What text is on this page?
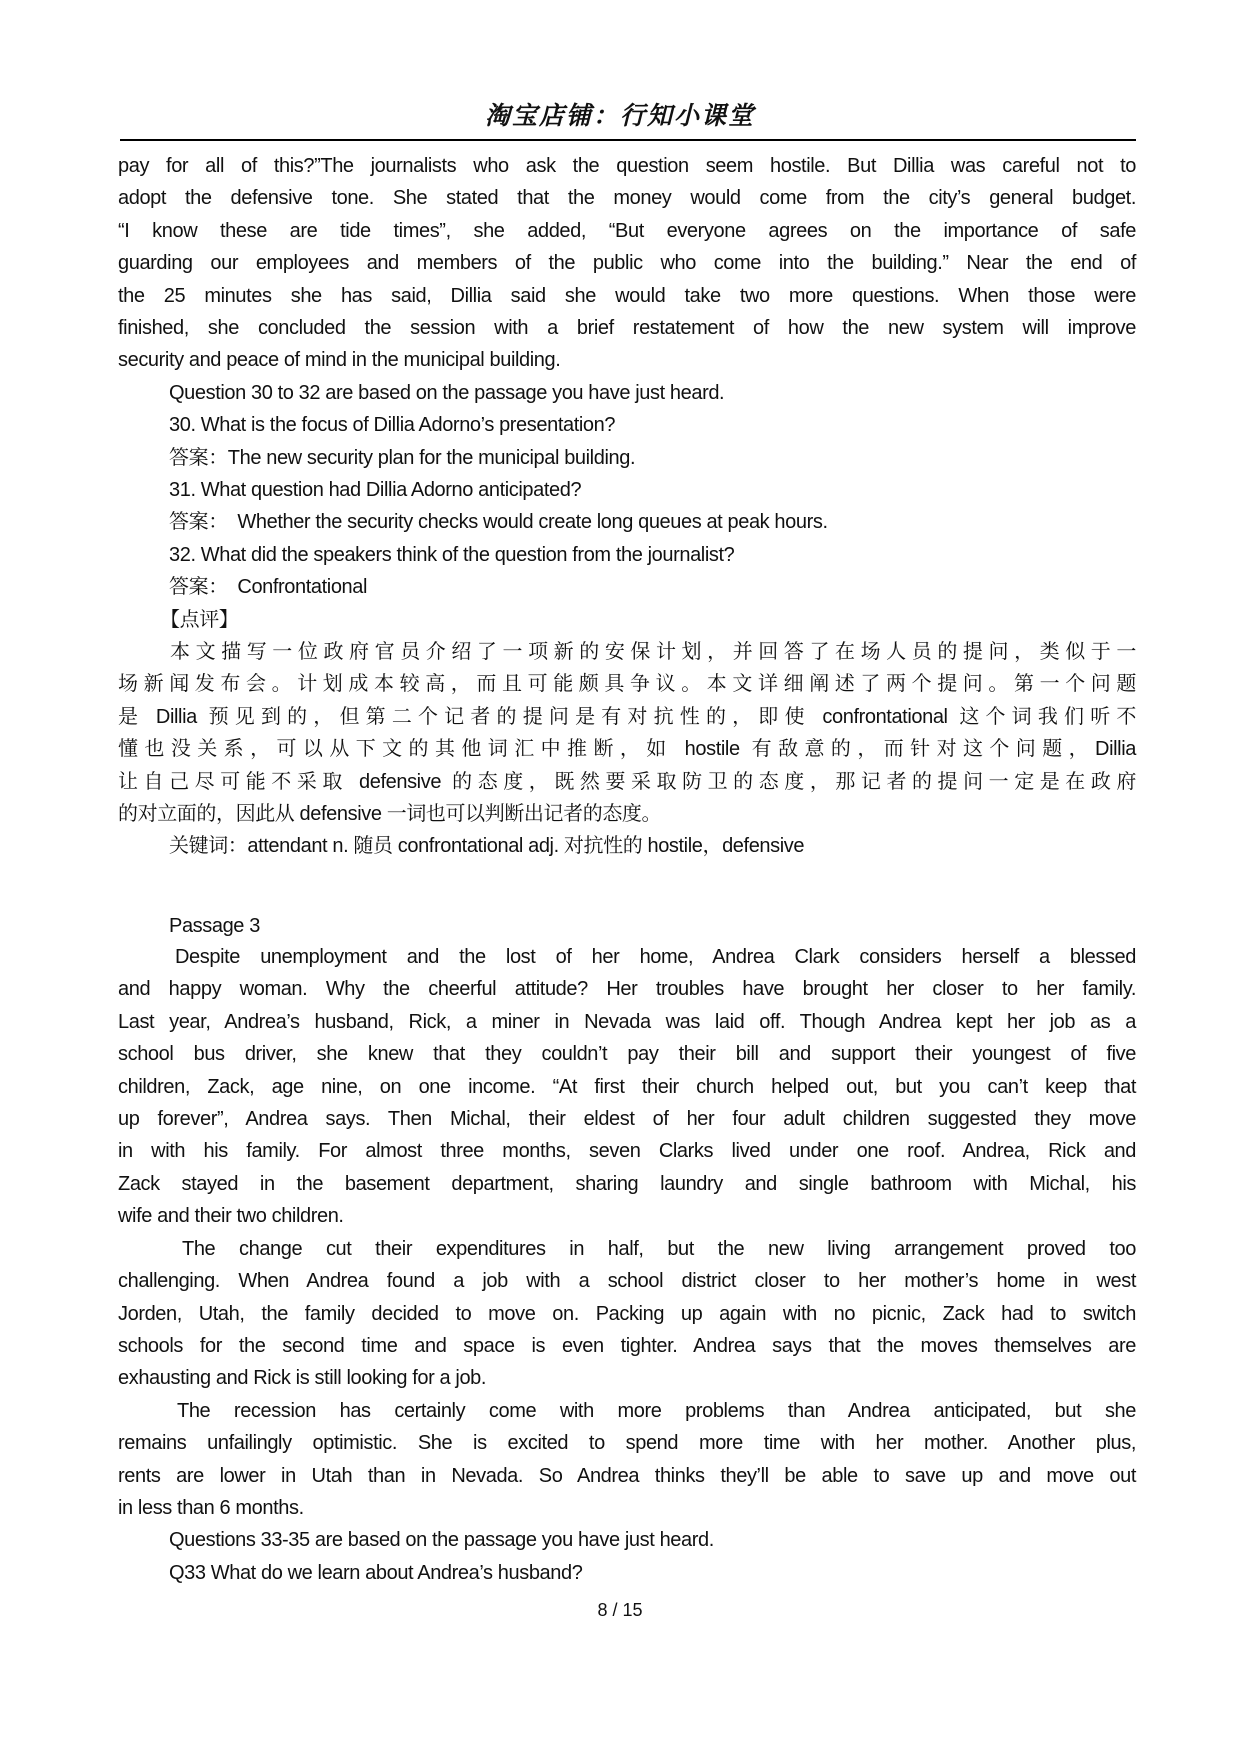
淘宝店铺：行知小课堂
pay for all of this?”The journalists who ask the question seem hostile. But Dillia was careful not to
adopt the defensive tone. She stated that the money would come from the city’s general budget.
“I know these are tide times”, she added, “But everyone agrees on the importance of safe
guarding our employees and members of the public who come into the building.” Near the end of
the 25 minutes she has said, Dillia said she would take two more questions. When those were
finished, she concluded the session with a brief restatement of how the new system will improve
security and peace of mind in the municipal building.
Question 30 to 32 are based on the passage you have just heard.
30. What is the focus of Dillia Adorno’s presentation?
答案：The new security plan for the municipal building.
31. What question had Dillia Adorno anticipated?
答案：　Whether the security checks would create long queues at peak hours.
32. What did the speakers think of the question from the journalist?
答案：　Confrontational
【点评】
本文描写一位政府官员介绍了一项新的安保计划，并回答了在场人员的提问，类似于一
场新闻发布会。计划成本较高，而且可能颇具争议。本文详细阐述了两个提问。第一个问题
是 Dillia 预见到的，但第二个记者的提问是有对抗性的，即使 confrontational 这个词我们听不
懂也没关系，可以从下文的其他词汇中推断，如 hostile 有敌意的，而针对这个问题，Dillia
让自己尽可能不采取 defensive 的态度，既然要采取防卫的态度，那记者的提问一定是在政府
的对立面的，因此从 defensive 一词也可以判断出记者的态度。
关键词：attendant n. 随员 confrontational adj. 对抗性的 hostile，defensive
Passage 3
Despite unemployment and the lost of her home, Andrea Clark considers herself a blessed
and happy woman. Why the cheerful attitude? Her troubles have brought her closer to her family.
Last year, Andrea’s husband, Rick, a miner in Nevada was laid off. Though Andrea kept her job as a
school bus driver, she knew that they couldn’t pay their bill and support their youngest of five
children, Zack, age nine, on one income. “At first their church helped out, but you can’t keep that
up forever”, Andrea says. Then Michal, their eldest of her four adult children suggested they move
in with his family. For almost three months, seven Clarks lived under one roof. Andrea, Rick and
Zack stayed in the basement department, sharing laundry and single bathroom with Michal, his
wife and their two children.
The change cut their expenditures in half, but the new living arrangement proved too
challenging. When Andrea found a job with a school district closer to her mother’s home in west
Jorden, Utah, the family decided to move on. Packing up again with no picnic, Zack had to switch
schools for the second time and space is even tighter. Andrea says that the moves themselves are
exhausting and Rick is still looking for a job.
The recession has certainly come with more problems than Andrea anticipated, but she
remains unfailingly optimistic. She is excited to spend more time with her mother. Another plus,
rents are lower in Utah than in Nevada. So Andrea thinks they’ll be able to save up and move out
in less than 6 months.
Questions 33-35 are based on the passage you have just heard.
Q33 What do we learn about Andrea’s husband?
8 / 15
